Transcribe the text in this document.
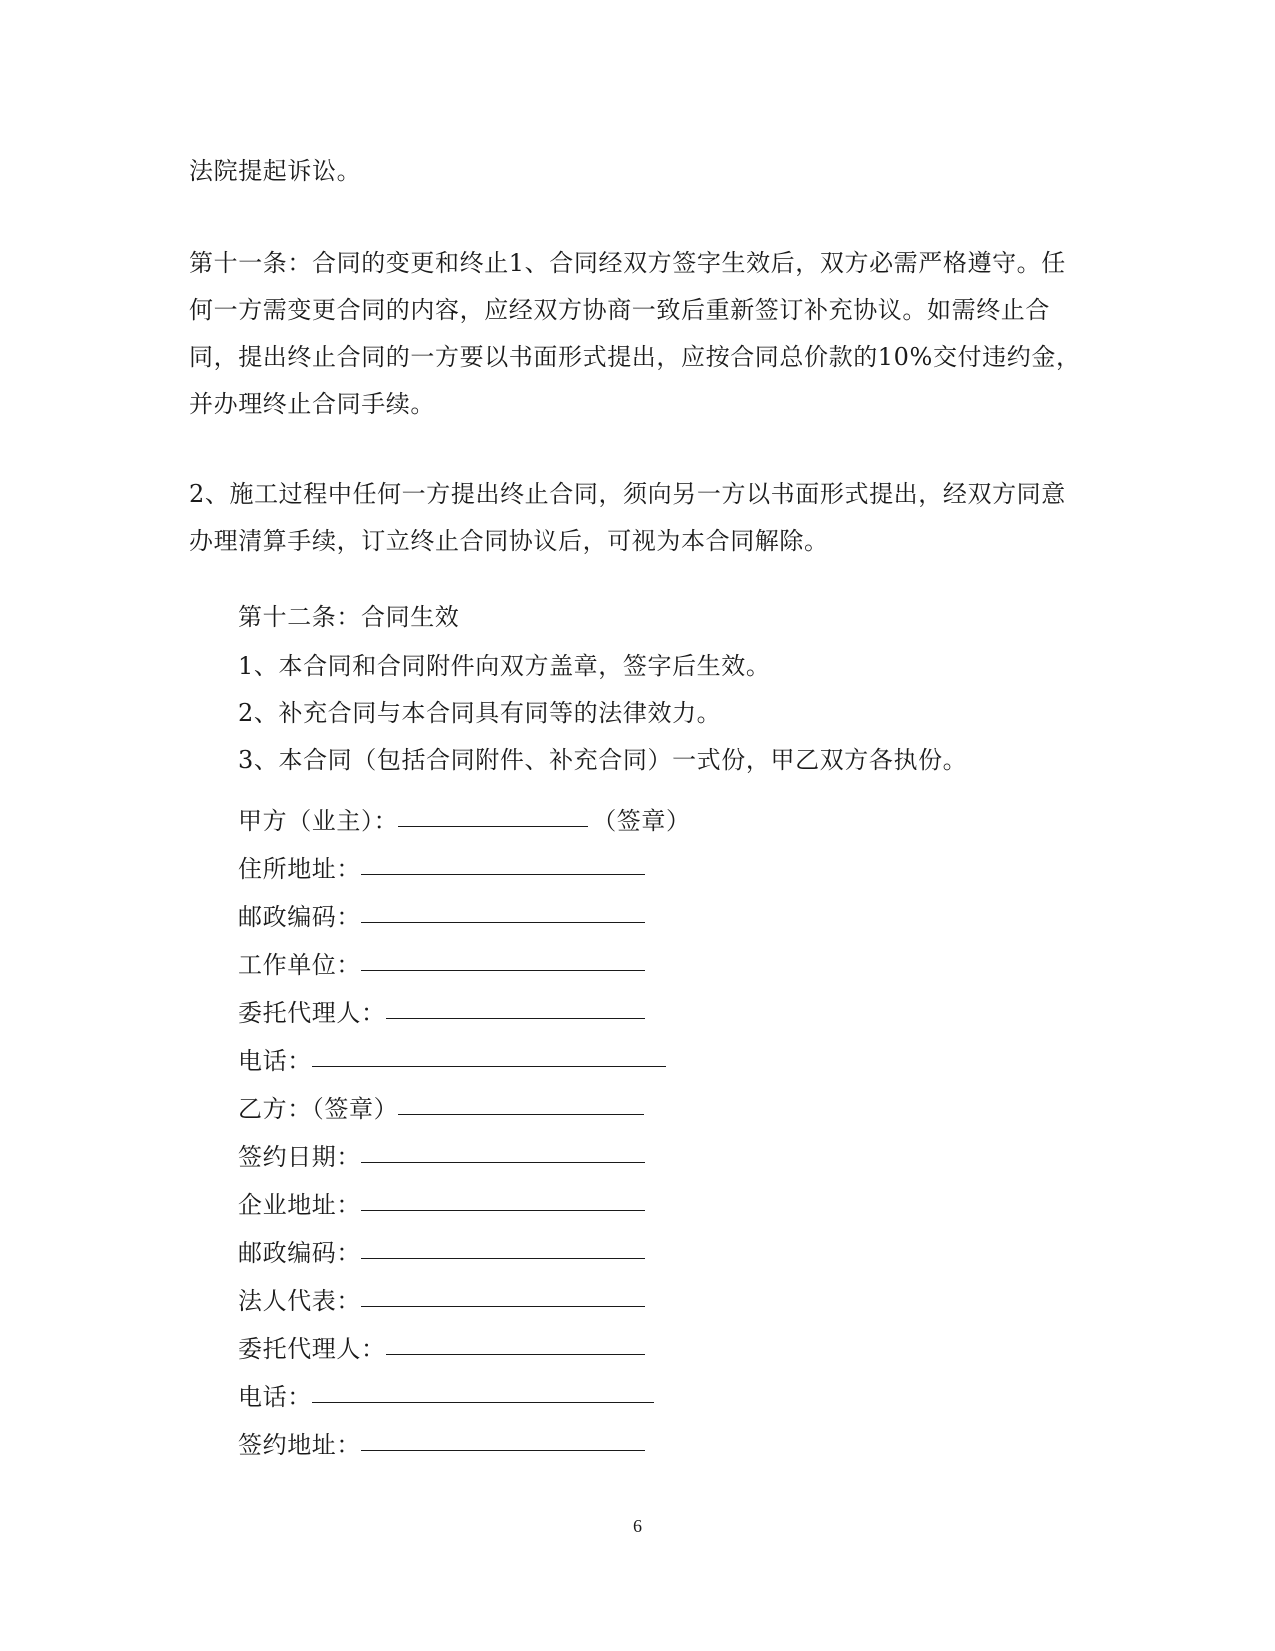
法院提起诉讼。

第十一条：合同的变更和终止1、合同经双方签字生效后，双方必需严格遵守。任
何一方需变更合同的内容，应经双方协商一致后重新签订补充协议。如需终止合
同，提出终止合同的一方要以书面形式提出，应按合同总价款的10%交付违约金，
并办理终止合同手续。

2、施工过程中任何一方提出终止合同，须向另一方以书面形式提出，经双方同意
办理清算手续，订立终止合同协议后，可视为本合同解除。

第十二条：合同生效

1、本合同和合同附件向双方盖章，签字后生效。
2、补充合同与本合同具有同等的法律效力。
3、本合同（包括合同附件、补充合同）一式份，甲乙双方各执份。
甲方（业主）：	（签章）
住所地址：
邮政编码：
工作单位：
委托代理人：
电话：
乙方：（签章）
签约日期：
企业地址：
邮政编码：
法人代表：
委托代理人：
电话：
签约地址：

6
